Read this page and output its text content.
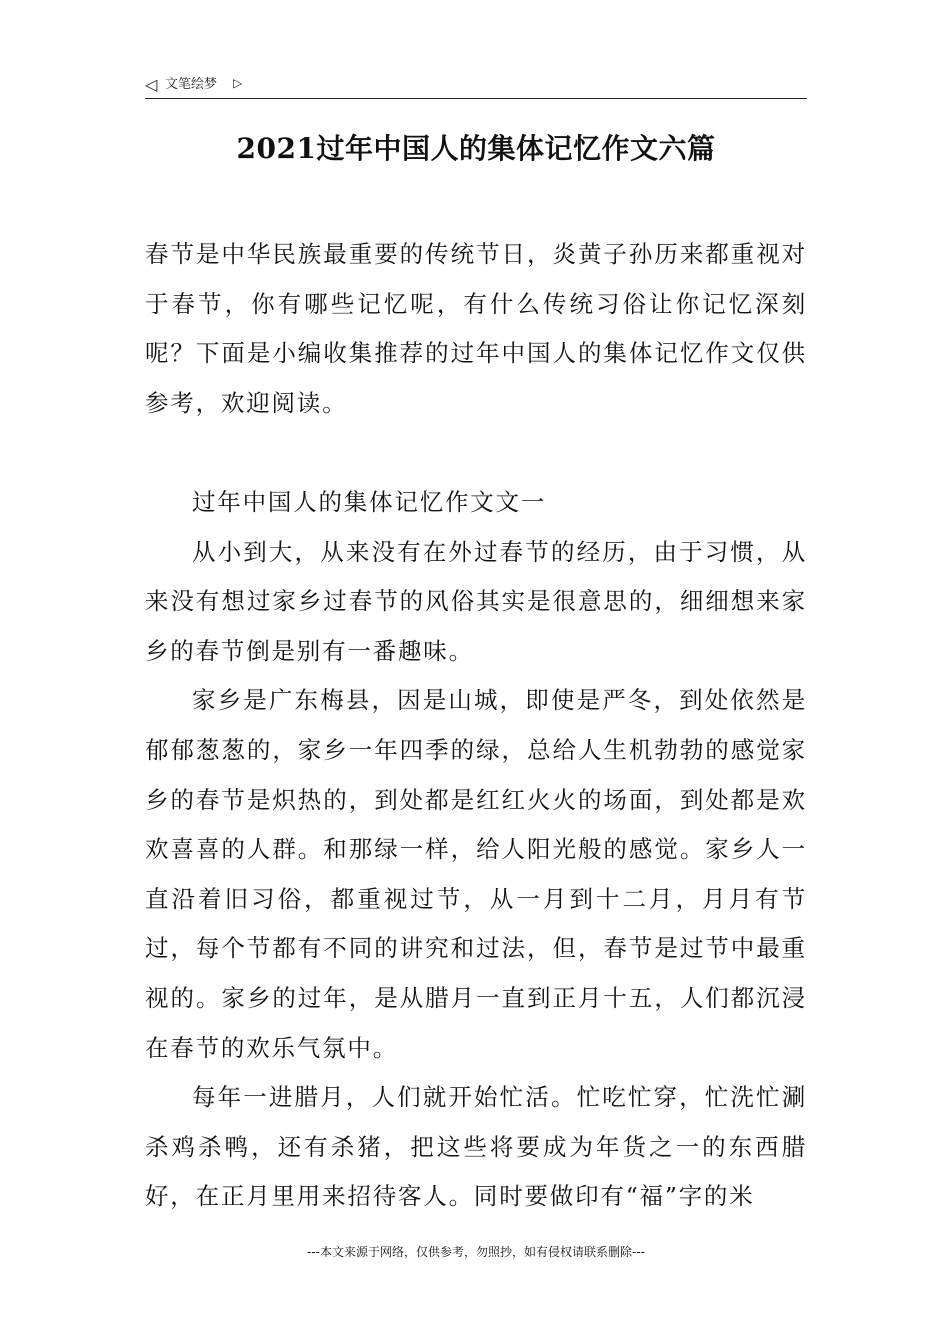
◁ 文笔绘梦 ▷
2021过年中国人的集体记忆作文六篇

春节是中华民族最重要的传统节日，炎黄子孙历来都重视对于春节，你有哪些记忆呢，有什么传统习俗让你记忆深刻呢？下面是小编收集推荐的过年中国人的集体记忆作文仅供参考，欢迎阅读。

过年中国人的集体记忆作文文一

从小到大，从来没有在外过春节的经历，由于习惯，从来没有想过家乡过春节的风俗其实是很意思的，细细想来家乡的春节倒是别有一番趣味。

家乡是广东梅县，因是山城，即使是严冬，到处依然是郁郁葱葱的，家乡一年四季的绿，总给人生机勃勃的感觉家乡的春节是炽热的，到处都是红红火火的场面，到处都是欢欢喜喜的人群。和那绿一样，给人阳光般的感觉。家乡人一直沿着旧习俗，都重视过节，从一月到十二月，月月有节过，每个节都有不同的讲究和过法，但，春节是过节中最重视的。家乡的过年，是从腊月一直到正月十五，人们都沉浸在春节的欢乐气氛中。

每年一进腊月，人们就开始忙活。忙吃忙穿，忙洗忙涮杀鸡杀鸭，还有杀猪，把这些将要成为年货之一的东西腊好，在正月里用来招待客人。同时要做印有“福”字的米

---本文来源于网络，仅供参考，勿照抄，如有侵权请联系删除---
